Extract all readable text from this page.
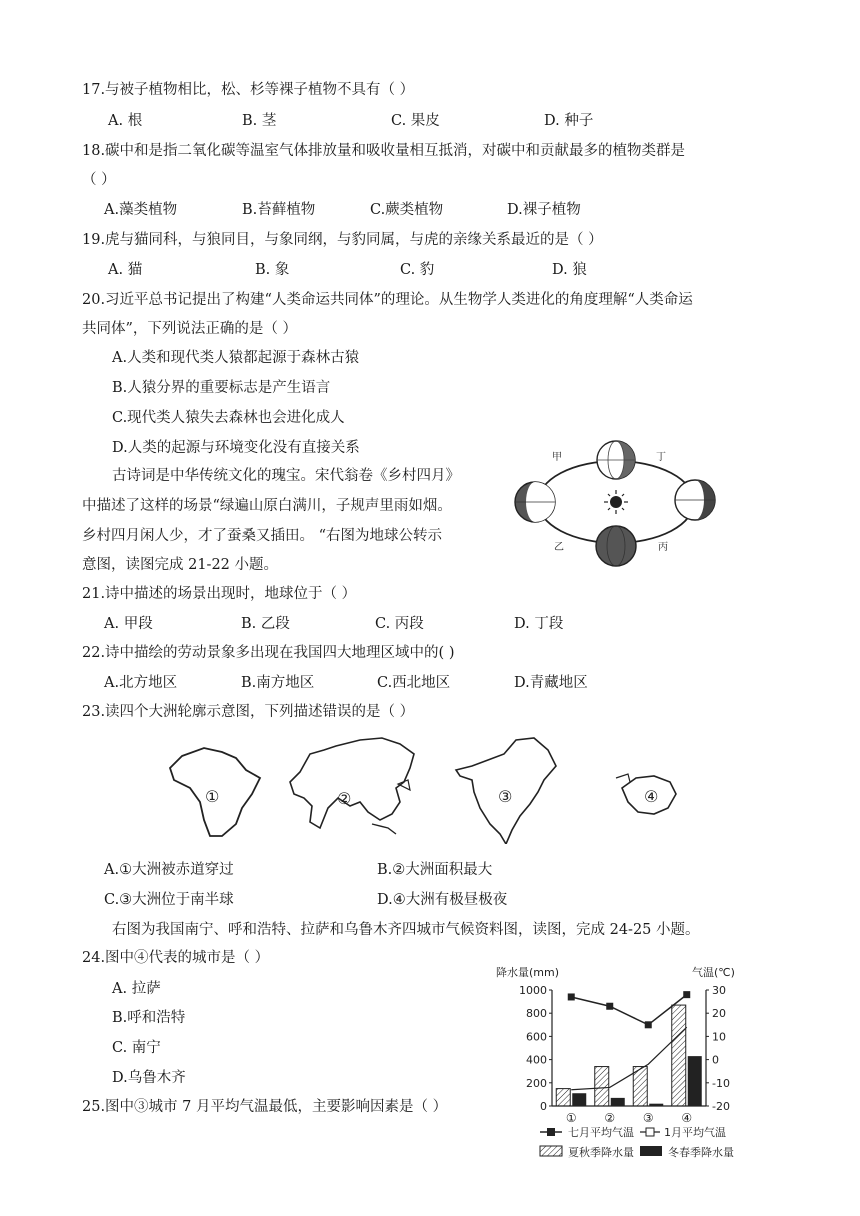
17.与被子植物相比，松、杉等裸子植物不具有（ ）
A. 根	B. 茎	C. 果皮	D. 种子
18.碳中和是指二氧化碳等温室气体排放量和吸收量相互抵消，对碳中和贡献最多的植物类群是
（ ）
A.藻类植物	B.苔藓植物	C.蕨类植物	D.裸子植物
19.虎与猫同科，与狼同目，与象同纲，与豹同属，与虎的亲缘关系最近的是（ ）
A. 猫	B. 象	C. 豹	D. 狼
20.习近平总书记提出了构建“人类命运共同体”的理论。从生物学人类进化的角度理解“人类命运
共同体”，下列说法正确的是（ ）
A.人类和现代类人猿都起源于森林古猿
B.人猿分界的重要标志是产生语言
C.现代类人猿失去森林也会进化成人
D.人类的起源与环境变化没有直接关系
古诗词是中华传统文化的瑰宝。宋代翁卷《乡村四月》
中描述了这样的场景“绿遍山原白满川，子规声里雨如烟。
乡村四月闲人少，才了蚕桑又插田。 “右图为地球公转示
意图，读图完成 21-22 小题。
甲	丁
乙	丙
21.诗中描述的场景出现时，地球位于（ ）
A. 甲段	B. 乙段	C. 丙段	D. 丁段
22.诗中描绘的劳动景象多出现在我国四大地理区域中的( )
A.北方地区	B.南方地区	C.西北地区	D.青藏地区
23.读四个大洲轮廓示意图，下列描述错误的是（ ）
①	②	③	④
A.①大洲被赤道穿过	B.②大洲面积最大
C.③大洲位于南半球	D.④大洲有极昼极夜
右图为我国南宁、呼和浩特、拉萨和乌鲁木齐四城市气候资料图，读图，完成 24-25 小题。
24.图中④代表的城市是（ ）
A. 拉萨
B.呼和浩特
C. 南宁
D.乌鲁木齐
25.图中③城市 7 月平均气温最低，主要影响因素是（ ）
降水量(mm)	气温(℃)
1000
800
600
400
200
0
30
20
10
0
-10
-20
① ② ③ ④
七月平均气温	1月平均气温
夏秋季降水量	冬春季降水量
